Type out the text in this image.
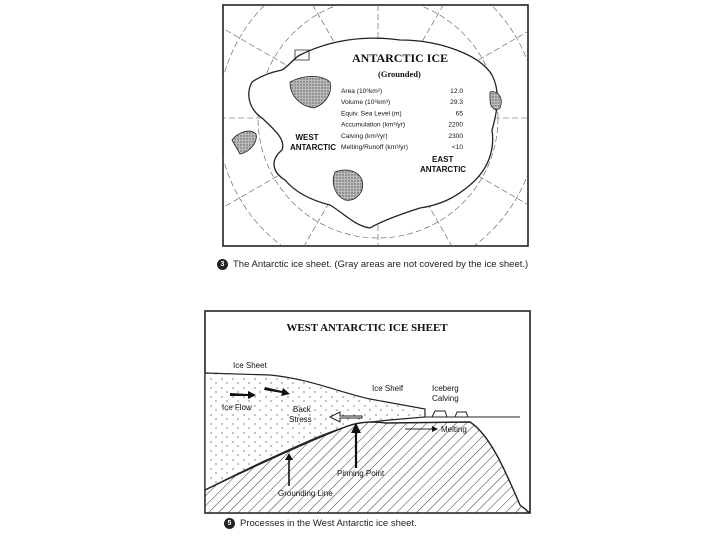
ANTARCTIC ICE
(Grounded)
Area (10⁶km²)	12.0
Volume (10⁶km³)	29.3
Equiv. Sea Level (m)	65
Accumulation (km³/yr)	2200
Calving (km³/yr)	2300
Melting/Runoff (km³/yr)	<10
WEST
ANTARCTIC
EAST
ANTARCTIC
3 The Antarctic ice sheet. (Gray areas are not covered by the ice sheet.)
WEST ANTARCTIC ICE SHEET
Ice Sheet
Ice Shelf	Iceberg
Calving
Ice Flow	Back
Stress
Melting
Pinning Point
Grounding Line
5 Processes in the West Antarctic ice sheet.
